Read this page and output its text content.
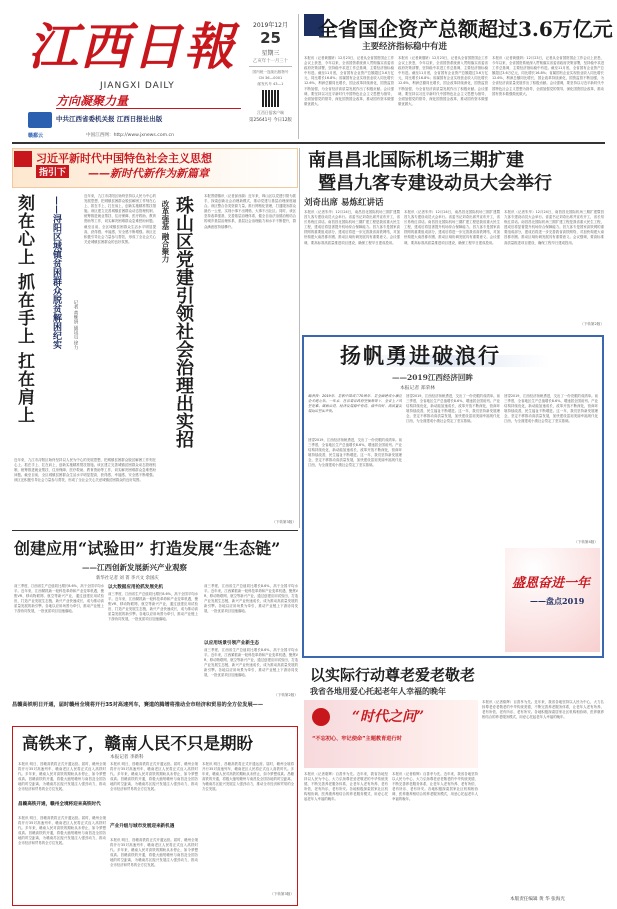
江西日報
JIANGXI DAILY
方向凝聚力量
中共江西省委机关报 江西日报社出版
赣鄱云	中国江西网：http://www.jxnews.com.cn
2019年12月
25
星期三
乙亥年十一月三十
国内统一连续出版物号
CN 36—0001
邮发代号 43—1
江西日报客户端
第25641号 今日12版
全省国企资产总额超过3.6万亿元
主要经济指标稳中有进
本报讯（记者黄继妍）12月23日，记者从全省国资国企工作会议上获悉，今年以来，全省国资系统深入贯彻落实省委省政府决策部署，坚持稳中求进工作总基调，主要经济指标稳中有进。截至11月底，全省国有企业资产总额超过3.6万亿元，同比增长16.8%；省属国有企业实现营业收入同比增长12.6%，利润总额同比增长，国企改革持续深化，国资监管不断加强，为全省经济高质量发展作出了积极贡献。会议强调，要坚持以习近平新时代中国特色社会主义思想为指导，全面加强党的领导，深化国资国企改革，推动国有资本做强做优做大。
本报讯（记者黄继妍）12月23日，记者从全省国资国企工作会议上获悉，今年以来，全省国资系统深入贯彻落实省委省政府决策部署，坚持稳中求进工作总基调，主要经济指标稳中有进。截至11月底，全省国有企业资产总额超过3.6万亿元，同比增长16.8%；省属国有企业实现营业收入同比增长12.6%，利润总额同比增长，国企改革持续深化，国资监管不断加强，为全省经济高质量发展作出了积极贡献。会议强调，要坚持以习近平新时代中国特色社会主义思想为指导，全面加强党的领导，深化国资国企改革，推动国有资本做强做优做大。
本报讯（记者黄继妍）12月23日，记者从全省国资国企工作会议上获悉，今年以来，全省国资系统深入贯彻落实省委省政府决策部署，坚持稳中求进工作总基调，主要经济指标稳中有进。截至11月底，全省国有企业资产总额超过3.6万亿元，同比增长16.8%；省属国有企业实现营业收入同比增长12.6%，利润总额同比增长，国企改革持续深化，国资监管不断加强，为全省经济高质量发展作出了积极贡献。会议强调，要坚持以习近平新时代中国特色社会主义思想为指导，全面加强党的领导，深化国资国企改革，推动国有资本做强做优做大。
习近平新时代中国特色社会主义思想
指引下 ——新时代新作为新篇章
刻在心上 抓在手上 扛在肩上 ——浔阳区城镇贫困群众脱贫解困纪实	记者 黄继妍 通讯员 徐力
近年来，九江市浔阳区始终坚持以人民为中心的发展思想，把城镇贫困群众脱贫解困工作刻在心上、抓在手上、扛在肩上，创新实施精准帮扶措施。该区建立完善城镇贫困群众动态管理机制，统筹推进就业帮扶、住房保障、医疗救助、教育资助等工作，切实解决困难群众急难愁盼问题。截至目前，全区城镇贫困群众生活水平明显提高，获得感、幸福感、安全感不断增强。该区还积极引导社会力量参与帮扶，形成了全社会关心关爱城镇贫困群众的良好氛围。
近年来，九江市浔阳区始终坚持以人民为中心的发展思想，把城镇贫困群众脱贫解困工作刻在心上、抓在手上、扛在肩上，创新实施精准帮扶措施。该区建立完善城镇贫困群众动态管理机制，统筹推进就业帮扶、住房保障、医疗救助、教育资助等工作，切实解决困难群众急难愁盼问题。截至目前，全区城镇贫困群众生活水平明显提高，获得感、幸福感、安全感不断增强。该区还积极引导社会力量参与帮扶，形成了全社会关心关爱城镇贫困群众的良好氛围。
珠山区党建引领社会治理出实招
改革强基 融合聚力
本报景德镇讯（记者邱西源）近年来，珠山区以党建引领为抓手，探索创新社会治理新模式，推动党建与基层治理深度融合。该区整合各类资源力量，推行网格化管理，打通服务群众最后一公里，实现小事不出网格、大事不出社区。同时，该区坚持改革强基，完善基层治理体系，健全自治法治德治相结合的城乡基层治理体系，基层社会治理能力和水平不断提升，群众满意度持续攀升。
（下转第3版）
南昌昌北国际机场三期扩建
暨昌九客专建设动员大会举行
刘奇出席 易炼红讲话
本报讯（记者朱华）12月24日，南昌昌北国际机场三期扩建暨昌九客专建设动员大会举行。省委书记刘奇出席并宣布开工，省长易炼红讲话。南昌昌北国际机场三期扩建工程是我省重大民生工程，建成后将显著提升机场综合保障能力。昌九客专是国家高铁网的重要组成部分，建成后将进一步完善我省高铁网络，对加快构建大南昌都市圈、推动区域协调发展具有重要意义。会议强调，要高标准高质量推进项目建设，确保工程早日建成投用。
本报讯（记者朱华）12月24日，南昌昌北国际机场三期扩建暨昌九客专建设动员大会举行。省委书记刘奇出席并宣布开工，省长易炼红讲话。南昌昌北国际机场三期扩建工程是我省重大民生工程，建成后将显著提升机场综合保障能力。昌九客专是国家高铁网的重要组成部分，建成后将进一步完善我省高铁网络，对加快构建大南昌都市圈、推动区域协调发展具有重要意义。会议强调，要高标准高质量推进项目建设，确保工程早日建成投用。
本报讯（记者朱华）12月24日，南昌昌北国际机场三期扩建暨昌九客专建设动员大会举行。省委书记刘奇出席并宣布开工，省长易炼红讲话。南昌昌北国际机场三期扩建工程是我省重大民生工程，建成后将显著提升机场综合保障能力。昌九客专是国家高铁网的重要组成部分，建成后将进一步完善我省高铁网络，对加快构建大南昌都市圈、推动区域协调发展具有重要意义。会议强调，要高标准高质量推进项目建设，确保工程早日建成投用。
（下转第2版）
扬帆勇进破浪行
——2019江西经济回眸
本报记者 郑荣林
编者按：2019年，是新中国成立70周年，是全面建成小康社会关键之年。一年来，在省委省政府坚强领导下，全省上下攻坚克难、砥砺奋进，经济发展稳中有进、稳中向好，高质量发展迈出坚实步伐。
回望2019，江西经济扬帆勇进，交出了一份亮眼的成绩单。前三季度，全省地区生产总值增长8.6%，增速居全国前列。产业结构持续优化，新动能加速成长，改革开放不断深化，营商环境持续改善，民生福祉不断增进。这一年，我们坚持新发展理念，坚定不移推动高质量发展，加快建设富裕美丽幸福现代化江西，为全面建成小康社会奠定了坚实基础。
回望2019，江西经济扬帆勇进，交出了一份亮眼的成绩单。前三季度，全省地区生产总值增长8.6%，增速居全国前列。产业结构持续优化，新动能加速成长，改革开放不断深化，营商环境持续改善，民生福祉不断增进。这一年，我们坚持新发展理念，坚定不移推动高质量发展，加快建设富裕美丽幸福现代化江西，为全面建成小康社会奠定了坚实基础。
回望2019，江西经济扬帆勇进，交出了一份亮眼的成绩单。前三季度，全省地区生产总值增长8.6%，增速居全国前列。产业结构持续优化，新动能加速成长，改革开放不断深化，营商环境持续改善，民生福祉不断增进。这一年，我们坚持新发展理念，坚定不移推动高质量发展，加快建设富裕美丽幸福现代化江西，为全面建成小康社会奠定了坚实基础。
（下转第4版）
盛恩奋进一年
——盘点2019
创建应用“试验田” 打造发展“生态链”
——江西创新发展新兴产业观察
新华社记者 刘 菁 李兴文 余国庆
前三季度，江西省生产总值同比增长8.6%，高于全国平均水平。近年来，江西紧抓新一轮科技革命和产业变革机遇，聚焦VR、移动物联网、航空等新兴产业，通过创建应用试验田，打造产业发展生态链，新兴产业快速成长，成为推动高质量发展的新引擎。各地以应用场景为牵引，推动产业链上下游协同发展，一批优质项目加速落地。
以大数据应用抢抓发展先机
前三季度，江西省生产总值同比增长8.6%，高于全国平均水平。近年来，江西紧抓新一轮科技革命和产业变革机遇，聚焦VR、移动物联网、航空等新兴产业，通过创建应用试验田，打造产业发展生态链，新兴产业快速成长，成为推动高质量发展的新引擎。各地以应用场景为牵引，推动产业链上下游协同发展，一批优质项目加速落地。
前三季度，江西省生产总值同比增长8.6%，高于全国平均水平。近年来，江西紧抓新一轮科技革命和产业变革机遇，聚焦VR、移动物联网、航空等新兴产业，通过创建应用试验田，打造产业发展生态链，新兴产业快速成长，成为推动高质量发展的新引擎。各地以应用场景为牵引，推动产业链上下游协同发展，一批优质项目加速落地。
以应用场景引领产业新生态
前三季度，江西省生产总值同比增长8.6%，高于全国平均水平。近年来，江西紧抓新一轮科技革命和产业变革机遇，聚焦VR、移动物联网、航空等新兴产业，通过创建应用试验田，打造产业发展生态链，新兴产业快速成长，成为推动高质量发展的新引擎。各地以应用场景为牵引，推动产业链上下游协同发展，一批优质项目加速落地。
（下转第2版）
昌赣高铁明日开通，届时赣州全境将开行35对高速列车，赛道的腾增将推动全市经济和贸易的全方位发展——
高铁来了，赣南人民不只是期盼
本报记者 李新科
本报讯 明日，昌赣高铁将正式开通运营。届时，赣州全境将开行35对高速列车，赣南老区人民将正式迈入高铁时代。多年来，赣南人民对高铁的期盼从未停止，如今梦想成真。昌赣高铁的开通，将极大缩短赣州与南昌及全国各地的时空距离，为赣南苏区振兴发展注入强劲动力，推动全市经济和贸易的全方位发展。
昌赣高铁开通，赣州全境将迎来高铁时代
本报讯 明日，昌赣高铁将正式开通运营。届时，赣州全境将开行35对高速列车，赣南老区人民将正式迈入高铁时代。多年来，赣南人民对高铁的期盼从未停止，如今梦想成真。昌赣高铁的开通，将极大缩短赣州与南昌及全国各地的时空距离，为赣南苏区振兴发展注入强劲动力，推动全市经济和贸易的全方位发展。
本报讯 明日，昌赣高铁将正式开通运营。届时，赣州全境将开行35对高速列车，赣南老区人民将正式迈入高铁时代。多年来，赣南人民对高铁的期盼从未停止，如今梦想成真。昌赣高铁的开通，将极大缩短赣州与南昌及全国各地的时空距离，为赣南苏区振兴发展注入强劲动力，推动全市经济和贸易的全方位发展。
产业升级与城市发展迎来新机遇
本报讯 明日，昌赣高铁将正式开通运营。届时，赣州全境将开行35对高速列车，赣南老区人民将正式迈入高铁时代。多年来，赣南人民对高铁的期盼从未停止，如今梦想成真。昌赣高铁的开通，将极大缩短赣州与南昌及全国各地的时空距离，为赣南苏区振兴发展注入强劲动力，推动全市经济和贸易的全方位发展。
本报讯 明日，昌赣高铁将正式开通运营。届时，赣州全境将开行35对高速列车，赣南老区人民将正式迈入高铁时代。多年来，赣南人民对高铁的期盼从未停止，如今梦想成真。昌赣高铁的开通，将极大缩短赣州与南昌及全国各地的时空距离，为赣南苏区振兴发展注入强劲动力，推动全市经济和贸易的全方位发展。
（下转第3版）
以实际行动尊老爱老敬老
我省各地用爱心托起老年人幸福的晚年
“时代之问”
“不忘初心、牢记使命”主题教育进行时
本报讯（记者骆辉）百善孝为先。近年来，我省各地坚持以人民为中心，大力弘扬尊老爱老敬老的中华传统美德，不断完善养老服务体系，让老年人老有所养、老有所依、老有所乐、老有所安。各地积极探索居家社区机构相协调、医养康养相结合的养老服务模式，用爱心托起老年人幸福的晚年。
本报讯（记者骆辉）百善孝为先。近年来，我省各地坚持以人民为中心，大力弘扬尊老爱老敬老的中华传统美德，不断完善养老服务体系，让老年人老有所养、老有所依、老有所乐、老有所安。各地积极探索居家社区机构相协调、医养康养相结合的养老服务模式，用爱心托起老年人幸福的晚年。
本报讯（记者骆辉）百善孝为先。近年来，我省各地坚持以人民为中心，大力弘扬尊老爱老敬老的中华传统美德，不断完善养老服务体系，让老年人老有所养、老有所依、老有所乐、老有所安。各地积极探索居家社区机构相协调、医养康养相结合的养老服务模式，用爱心托起老年人幸福的晚年。
本版责任编辑 黄 华 张海光
